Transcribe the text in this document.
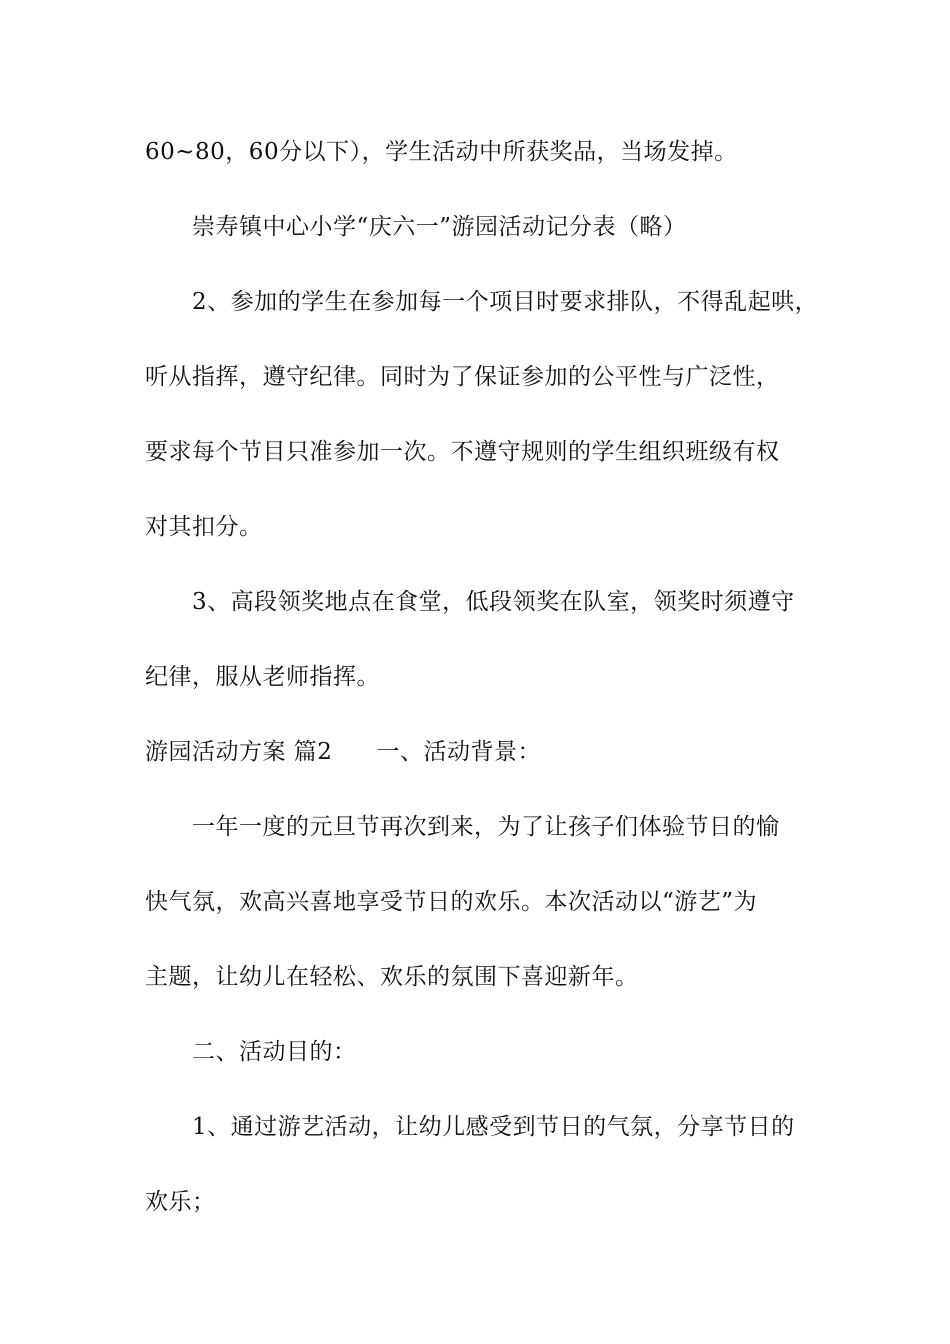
60~80，60分以下），学生活动中所获奖品，当场发掉。
崇寿镇中心小学“庆六一”游园活动记分表（略）
2、参加的学生在参加每一个项目时要求排队，不得乱起哄，
听从指挥，遵守纪律。同时为了保证参加的公平性与广泛性，
要求每个节目只准参加一次。不遵守规则的学生组织班级有权
对其扣分。
3、高段领奖地点在食堂，低段领奖在队室，领奖时须遵守
纪律，服从老师指挥。
游园活动方案 篇2 一、活动背景：
一年一度的元旦节再次到来，为了让孩子们体验节日的愉
快气氛，欢高兴喜地享受节日的欢乐。本次活动以“游艺”为
主题，让幼儿在轻松、欢乐的氛围下喜迎新年。
二、活动目的：
1、通过游艺活动，让幼儿感受到节日的气氛，分享节日的
欢乐；
